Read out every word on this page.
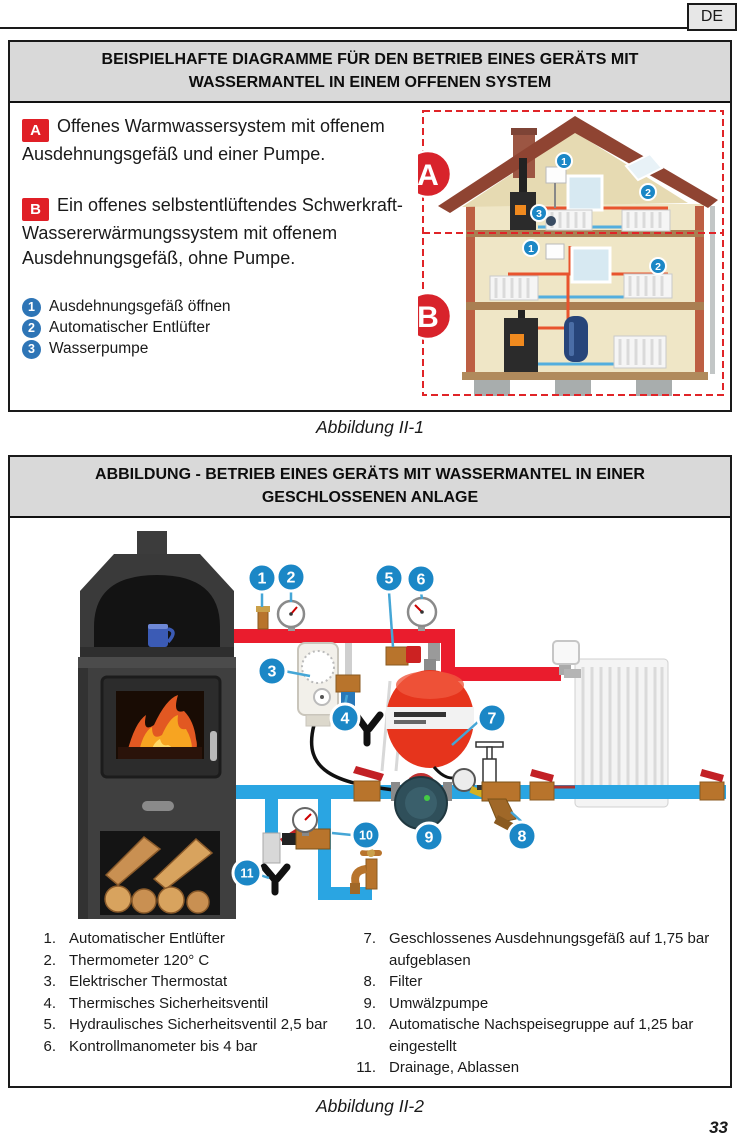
DE
BEISPIELHAFTE DIAGRAMME FÜR DEN BETRIEB EINES GERÄTS MIT WASSERMANTEL IN EINEM OFFENEN SYSTEM

A Offenes Warmwassersystem mit offenem Ausdehnungsgefäß und einer Pumpe.

B Ein offenes selbstentlüftendes Schwerkraft-Wassererwärmungssystem mit offenem Ausdehnungsgefäß, ohne Pumpe.

1 Ausdehnungsgefäß öffnen
2 Automatischer Entlüfter
3 Wasserpumpe
A
B
1
2
3
1
2
Abbildung II-1
ABBILDUNG - BETRIEB EINES GERÄTS MIT WASSERMANTEL IN EINER GESCHLOSSENEN ANLAGE
1 2	5 6
3
4	7
9	8
10
11
1. Automatischer Entlüfter
2. Thermometer 120° C
3. Elektrischer Thermostat
4. Thermisches Sicherheitsventil
5. Hydraulisches Sicherheitsventil 2,5 bar
6. Kontrollmanometer bis 4 bar
7. Geschlossenes Ausdehnungsgefäß auf 1,75 bar aufgeblasen
8. Filter
9. Umwälzpumpe
10. Automatische Nachspeisegruppe auf 1,25 bar eingestellt
11. Drainage, Ablassen
Abbildung II-2
33
